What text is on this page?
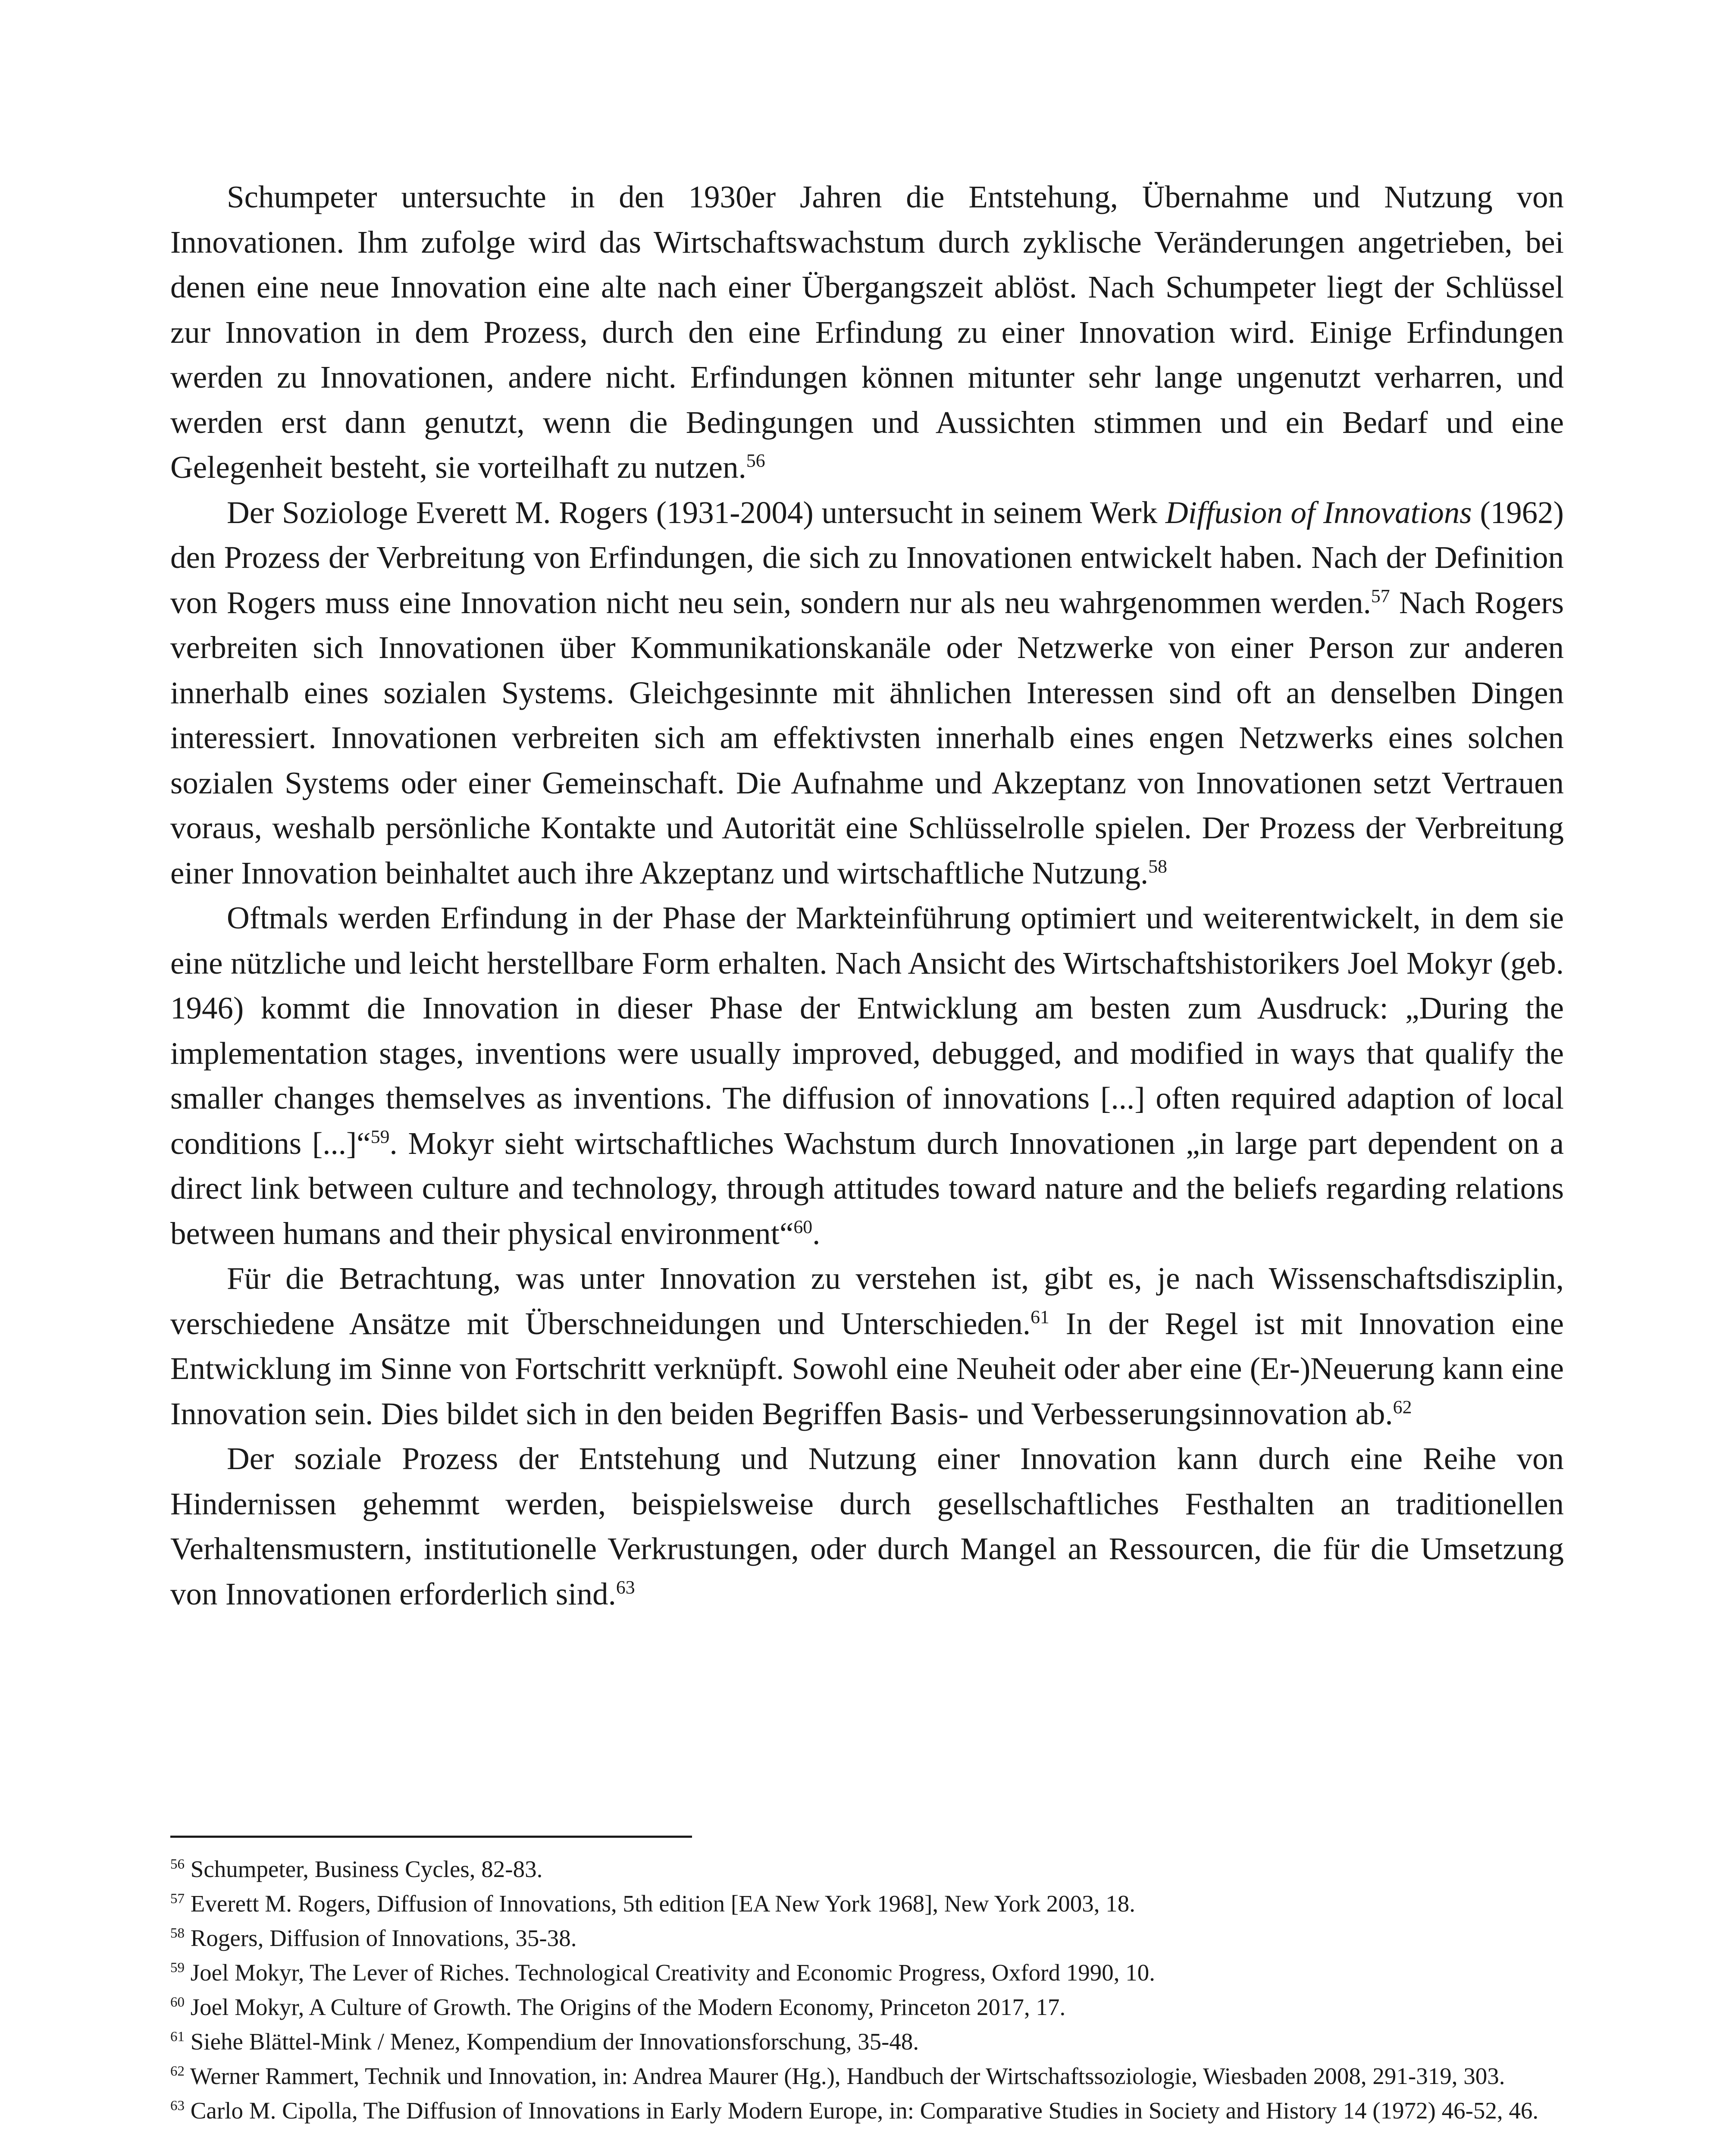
Schumpeter untersuchte in den 1930er Jahren die Entstehung, Übernahme und Nutzung von Innovationen. Ihm zufolge wird das Wirtschaftswachstum durch zyklische Veränderungen angetrieben, bei denen eine neue Innovation eine alte nach einer Übergangszeit ablöst. Nach Schumpeter liegt der Schlüssel zur Innovation in dem Prozess, durch den eine Erfindung zu einer Innovation wird. Einige Erfindungen werden zu Innovationen, andere nicht. Erfindungen können mitunter sehr lange ungenutzt verharren, und werden erst dann genutzt, wenn die Bedingungen und Aussichten stimmen und ein Bedarf und eine Gelegenheit besteht, sie vorteilhaft zu nutzen.$^{56}$

Der Soziologe Everett M. Rogers (1931-2004) untersucht in seinem Werk Diffusion of Innovations (1962) den Prozess der Verbreitung von Erfindungen, die sich zu Innovationen entwickelt haben. Nach der Definition von Rogers muss eine Innovation nicht neu sein, sondern nur als neu wahrgenommen werden.$^{57}$ Nach Rogers verbreiten sich Innovationen über Kommunikationskanäle oder Netzwerke von einer Person zur anderen innerhalb eines sozialen Systems. Gleichgesinnte mit ähnlichen Interessen sind oft an denselben Dingen interessiert. Innovationen verbreiten sich am effektivsten innerhalb eines engen Netzwerks eines solchen sozialen Systems oder einer Gemeinschaft. Die Aufnahme und Akzeptanz von Innovationen setzt Vertrauen voraus, weshalb persönliche Kontakte und Autorität eine Schlüsselrolle spielen. Der Prozess der Verbreitung einer Innovation beinhaltet auch ihre Akzeptanz und wirtschaftliche Nutzung.$^{58}$

Oftmals werden Erfindung in der Phase der Markteinführung optimiert und weiterentwickelt, in dem sie eine nützliche und leicht herstellbare Form erhalten. Nach Ansicht des Wirtschaftshistorikers Joel Mokyr (geb. 1946) kommt die Innovation in dieser Phase der Entwicklung am besten zum Ausdruck: „During the implementation stages, inventions were usually improved, debugged, and modified in ways that qualify the smaller changes themselves as inventions. The diffusion of innovations [...] often required adaption of local conditions [...]“$^{59}$. Mokyr sieht wirtschaftliches Wachstum durch Innovationen „in large part dependent on a direct link between culture and technology, through attitudes toward nature and the beliefs regarding relations between humans and their physical environment“$^{60}$.

Für die Betrachtung, was unter Innovation zu verstehen ist, gibt es, je nach Wissenschaftsdisziplin, verschiedene Ansätze mit Überschneidungen und Unterschieden.$^{61}$ In der Regel ist mit Innovation eine Entwicklung im Sinne von Fortschritt verknüpft. Sowohl eine Neuheit oder aber eine (Er-)Neuerung kann eine Innovation sein. Dies bildet sich in den beiden Begriffen Basis- und Verbesserungsinnovation ab.$^{62}$

Der soziale Prozess der Entstehung und Nutzung einer Innovation kann durch eine Reihe von Hindernissen gehemmt werden, beispielsweise durch gesellschaftliches Festhalten an traditionellen Verhaltensmustern, institutionelle Verkrustungen, oder durch Mangel an Ressourcen, die für die Umsetzung von Innovationen erforderlich sind.$^{63}$

$^{56}$ Schumpeter, Business Cycles, 82-83.

$^{57}$ Everett M. Rogers, Diffusion of Innovations, 5th edition [EA New York 1968], New York 2003, 18.

$^{58}$ Rogers, Diffusion of Innovations, 35-38.

$^{59}$ Joel Mokyr, The Lever of Riches. Technological Creativity and Economic Progress, Oxford 1990, 10.

$^{60}$ Joel Mokyr, A Culture of Growth. The Origins of the Modern Economy, Princeton 2017, 17.

$^{61}$ Siehe Blättel-Mink / Menez, Kompendium der Innovationsforschung, 35-48.

$^{62}$ Werner Rammert, Technik und Innovation, in: Andrea Maurer (Hg.), Handbuch der Wirtschaftssoziologie, Wiesbaden 2008, 291-319, 303.

$^{63}$ Carlo M. Cipolla, The Diffusion of Innovations in Early Modern Europe, in: Comparative Studies in Society and History 14 (1972) 46-52, 46.
